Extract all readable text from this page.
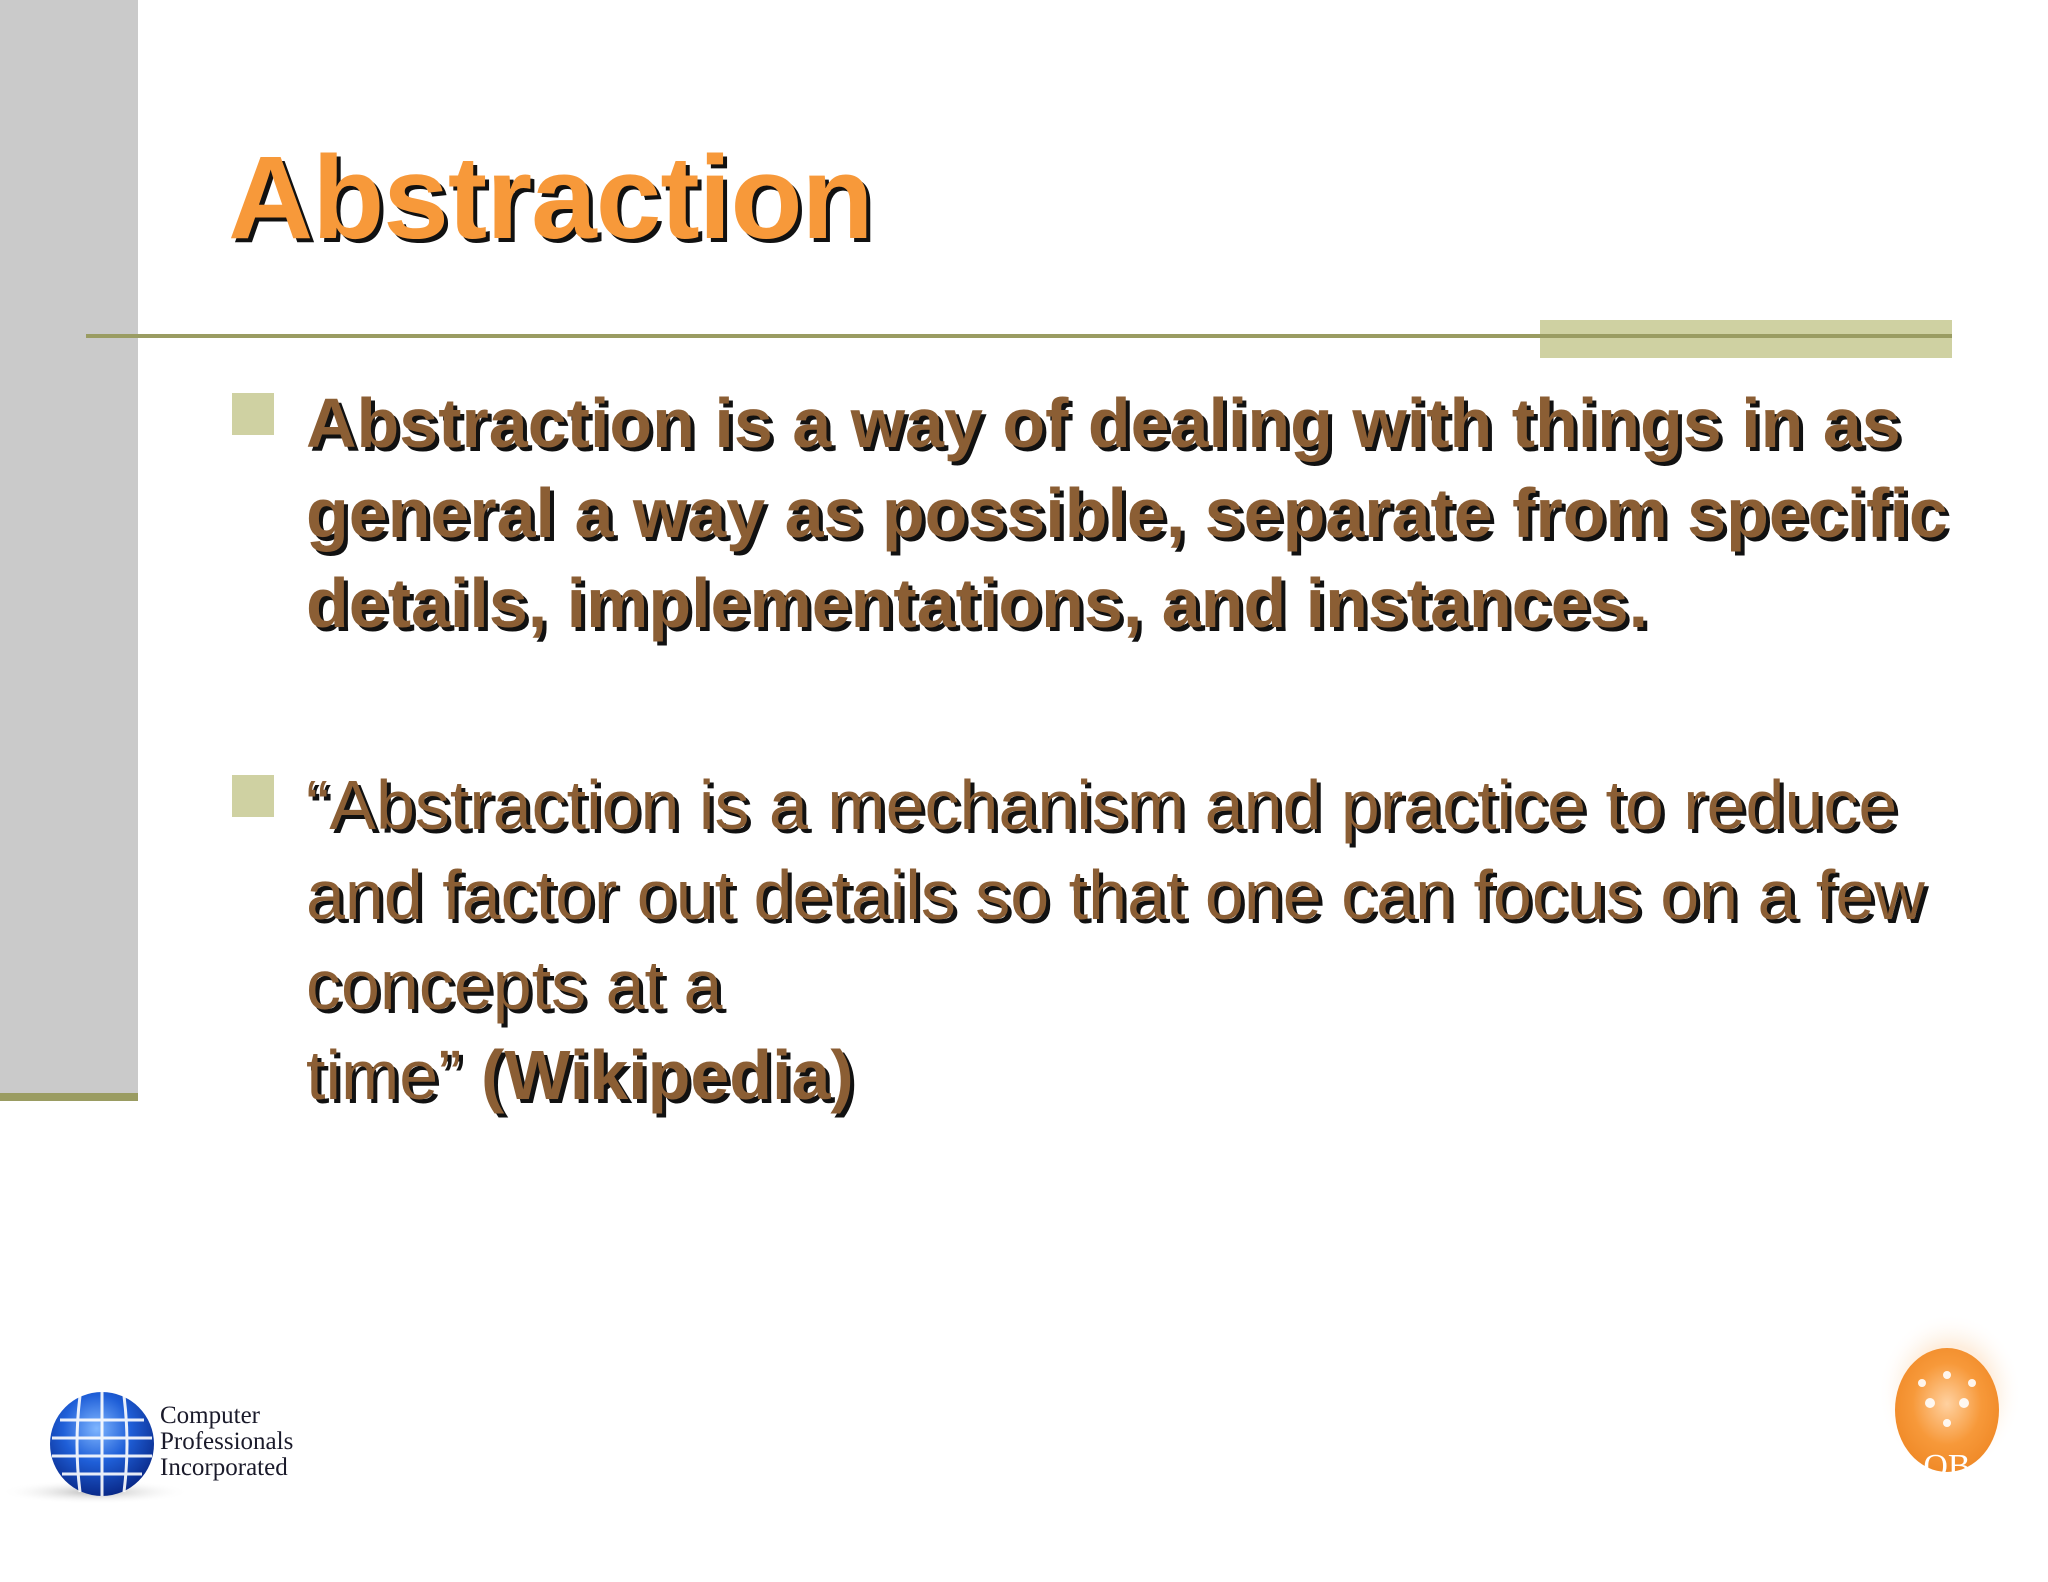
Abstraction

Abstraction is a way of dealing with things in as general a way as possible, separate from specific details, implementations, and instances.

“Abstraction is a mechanism and practice to reduce and factor out details so that one can focus on a few concepts at a
time” (Wikipedia)

Computer
Professionals
Incorporated	OB
